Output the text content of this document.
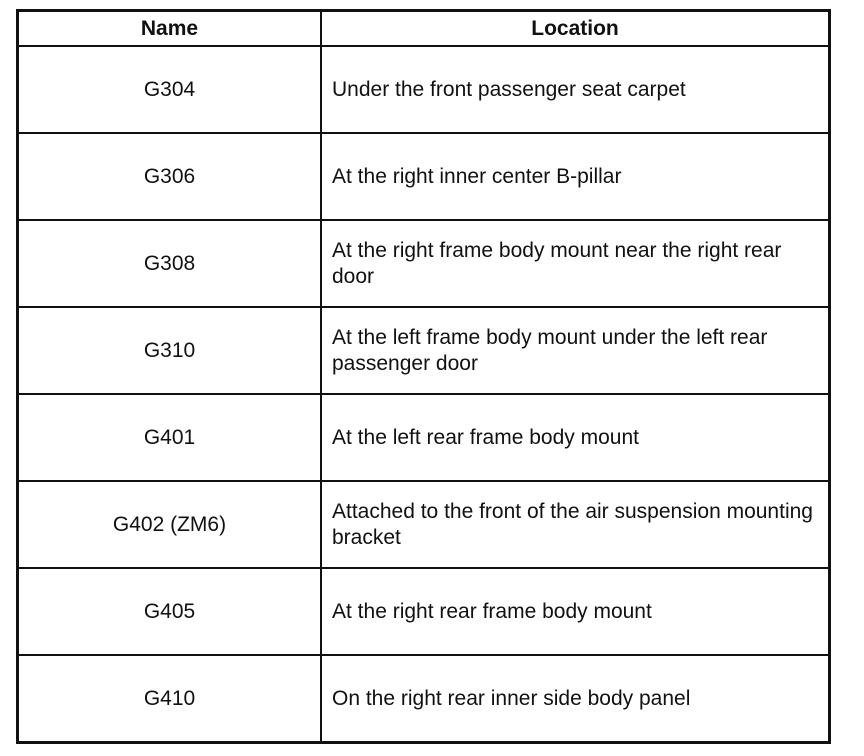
Name	Location
G304	Under the front passenger seat carpet
G306	At the right inner center B-pillar
G308	At the right frame body mount near the right rear door
G310	At the left frame body mount under the left rear passenger door
G401	At the left rear frame body mount
G402 (ZM6)	Attached to the front of the air suspension mounting bracket
G405	At the right rear frame body mount
G410	On the right rear inner side body panel
